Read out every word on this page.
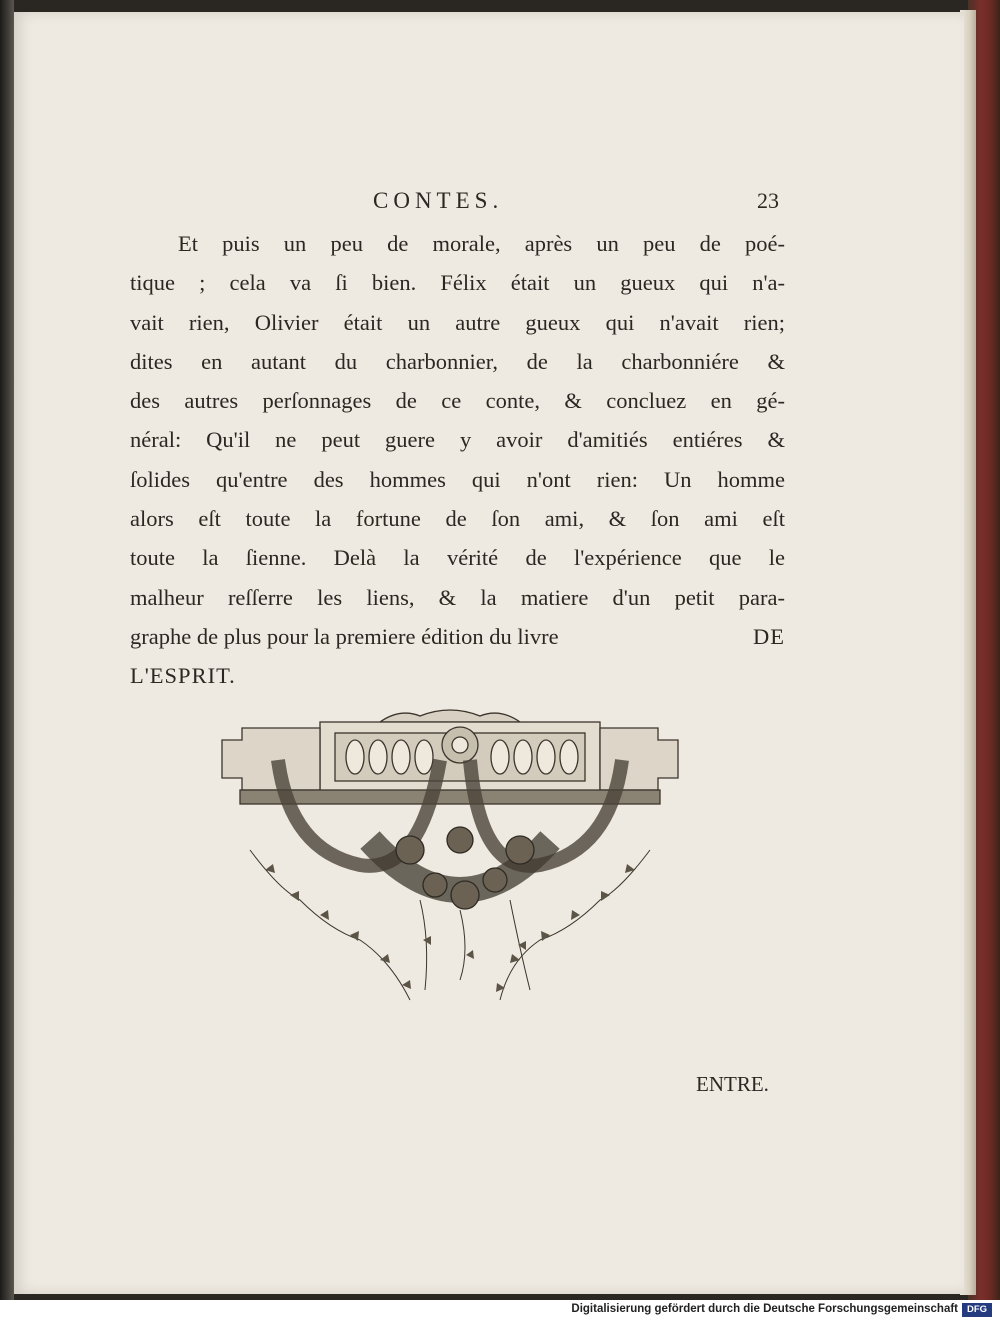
CONTES.	23
Et puis un peu de morale, après un peu de poé-
tique ; cela va ſi bien. Félix était un gueux qui n'a-
vait rien, Olivier était un autre gueux qui n'avait rien;
dites en autant du charbonnier, de la charbonniére &
des autres perſonnages de ce conte, & concluez en gé-
néral: Qu'il ne peut guere y avoir d'amitiés entiéres &
ſolides qu'entre des hommes qui n'ont rien: Un homme
alors eſt toute la fortune de ſon ami, & ſon ami eſt
toute la ſienne. Delà la vérité de l'expérience que le
malheur reſſerre les liens, & la matiere d'un petit para-
graphe de plus pour la premiere édition du livre	DE
L'ESPRIT.
ENTRE.
Digitalisierung gefördert durch die Deutsche Forschungsgemeinschaft DFG
